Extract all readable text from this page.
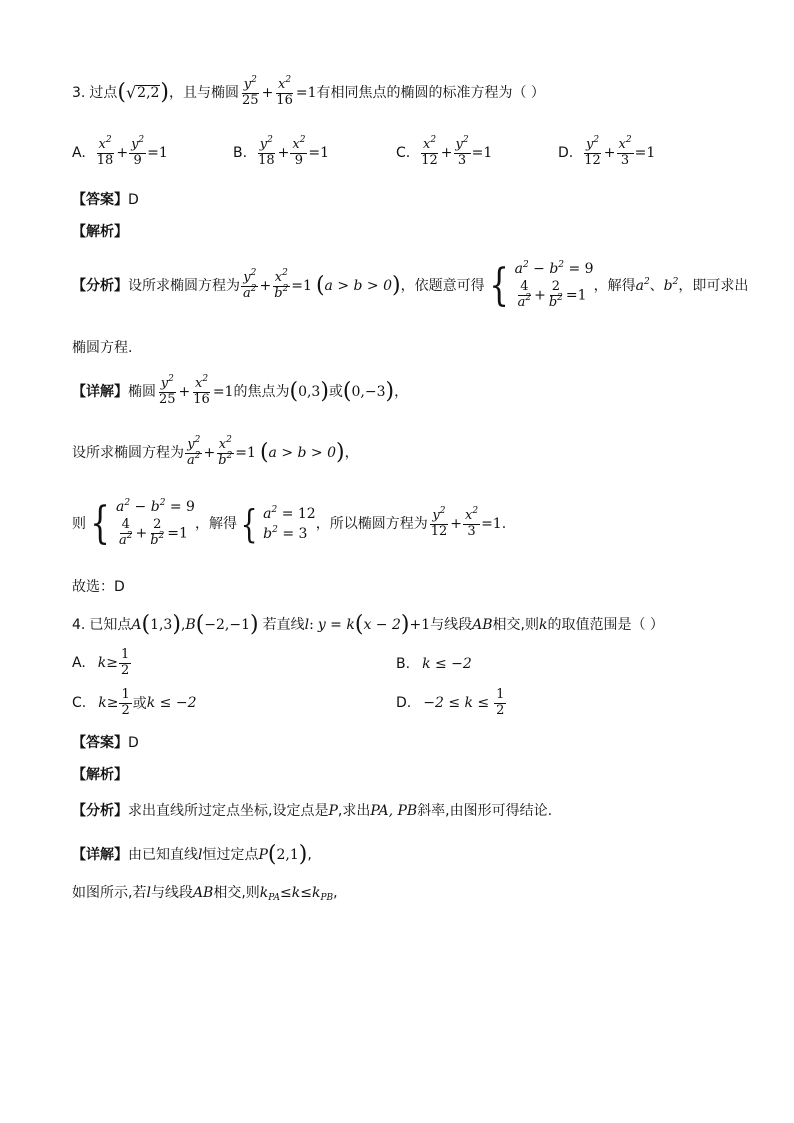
3. 过点 ( √ 2,2 ) ，且与椭圆 $\frac{y^2}{25} + \frac{x^2}{16} =1$ 有相同焦点的椭圆的标准方程为（ ）
A. $\frac{x^2}{18} + \frac{y^2}{9} =1$	B. $\frac{y^2}{18} + \frac{x^2}{9} =1$	C. $\frac{x^2}{12} + \frac{y^2}{3} =1$	D. $\frac{y^2}{12} + \frac{x^2}{3} =1$
【答案】 D
【解析】
【分析】 设所求椭圆方程为 $\frac{y^2}{a^2} + \frac{x^2}{b^2} =1$ ( a > b > 0 ) ，依题意可得 { $a^2 - b^2 = 9$
$\frac{4}{a^2} + \frac{2}{b^2} =1$
，解得 $a^2$ 、 $b^2$ ，即可求出
椭圆方程.
【详解】 椭圆 $\frac{y^2}{25} + \frac{x^2}{16} =1$ 的焦点为 ( 0,3 ) 或 ( 0,−3 ) ，
设所求椭圆方程为 $\frac{y^2}{a^2} + \frac{x^2}{b^2} =1$ ( a > b > 0 ) ，
则 { $a^2 - b^2 = 9$
$\frac{4}{a^2} + \frac{2}{b^2} =1$
，解得 { $a^2 = 12$
$b^2 = 3$
，所以椭圆方程为 $\frac{y^2}{12} + \frac{x^2}{3} =1$ .
故选：D
4. 已知点 A ( 1,3 ) , B ( −2,−1 ) 若直线 l : y = k ( x − 2 ) +1 与线段 AB 相交,则 k 的取值范围是（ ）
A. $k \ge \frac{1}{2}$	B. k ≤ −2
C. $k \ge \frac{1}{2}$ 或 k ≤ −2	D. $-2 \le k \le \frac{1}{2}$
【答案】 D
【解析】
【分析】 求出直线所过定点坐标,设定点是 P ,求出 PA, PB 斜率,由图形可得结论.
【详解】 由已知直线 l 恒过定点 P ( 2,1 ) ,
如图所示,若 l 与线段 AB 相交,则 $k_{PA} \le k \le k_{PB}$ ,
